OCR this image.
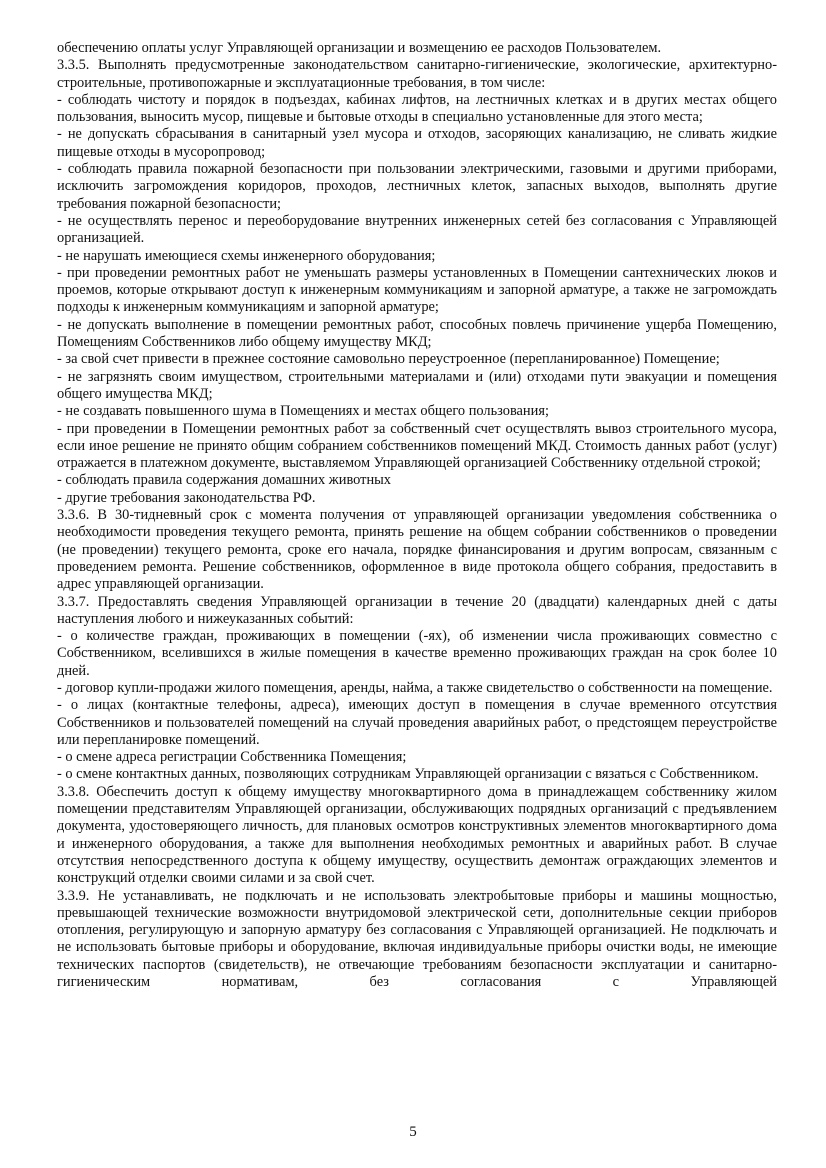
обеспечению оплаты услуг Управляющей организации и возмещению ее расходов Пользователем.

3.3.5. Выполнять предусмотренные законодательством санитарно-гигиенические, экологические, архитектурно-строительные, противопожарные и эксплуатационные требования, в том числе:

- соблюдать чистоту и порядок в подъездах, кабинах лифтов, на лестничных клетках и в других местах общего пользования, выносить мусор, пищевые и бытовые отходы в специально установленные для этого места;

- не допускать сбрасывания в санитарный узел мусора и отходов, засоряющих канализацию, не сливать жидкие пищевые отходы в мусоропровод;

- соблюдать правила пожарной безопасности при пользовании электрическими, газовыми и другими приборами, исключить загромождения коридоров, проходов, лестничных клеток, запасных выходов, выполнять другие требования пожарной безопасности;

- не осуществлять перенос и переоборудование внутренних инженерных сетей без согласования с Управляющей организацией.

- не нарушать имеющиеся схемы инженерного оборудования;

- при проведении ремонтных работ не уменьшать размеры установленных в Помещении сантехнических люков и проемов, которые открывают доступ к инженерным коммуникациям и запорной арматуре, а также не загромождать подходы к инженерным коммуникациям и запорной арматуре;

- не допускать выполнение в помещении ремонтных работ, способных повлечь причинение ущерба Помещению, Помещениям Собственников либо общему имуществу МКД;

- за свой счет привести в прежнее состояние самовольно переустроенное (перепланированное) Помещение;

- не загрязнять своим имуществом, строительными материалами и (или) отходами пути эвакуации и помещения общего имущества МКД;

- не создавать повышенного шума в Помещениях и местах общего пользования;

- при проведении в Помещении ремонтных работ за собственный счет осуществлять вывоз строительного мусора, если иное решение не принято общим собранием собственников помещений МКД. Стоимость данных работ (услуг) отражается в платежном документе, выставляемом Управляющей организацией Собственнику отдельной строкой;

- соблюдать правила содержания домашних животных

- другие требования законодательства РФ.

3.3.6. В 30-тидневный срок с момента получения от управляющей организации уведомления собственника о необходимости проведения текущего ремонта, принять решение на общем собрании собственников о проведении (не проведении) текущего ремонта, сроке его начала, порядке финансирования и другим вопросам, связанным с проведением ремонта. Решение собственников, оформленное в виде протокола общего собрания, предоставить в адрес управляющей организации.

3.3.7. Предоставлять сведения Управляющей организации в течение 20 (двадцати) календарных дней с даты наступления любого и нижеуказанных событий:

- о количестве граждан, проживающих в помещении (-ях), об изменении числа проживающих совместно с Собственником, вселившихся в жилые помещения в качестве временно проживающих граждан на срок более 10 дней.

- договор купли-продажи жилого помещения, аренды, найма, а также свидетельство о собственности на помещение.

- о лицах (контактные телефоны, адреса), имеющих доступ в помещения в случае временного отсутствия Собственников и пользователей помещений на случай проведения аварийных работ, о предстоящем переустройстве или перепланировке помещений.

- о смене адреса регистрации Собственника Помещения;

- о смене контактных данных, позволяющих сотрудникам Управляющей организации с вязаться с Собственником.

3.3.8. Обеспечить доступ к общему имуществу многоквартирного дома в принадлежащем собственнику жилом помещении представителям Управляющей организации, обслуживающих подрядных организаций с предъявлением документа, удостоверяющего личность, для плановых осмотров конструктивных элементов многоквартирного дома и инженерного оборудования, а также для выполнения необходимых ремонтных и аварийных работ. В случае отсутствия непосредственного доступа к общему имуществу, осуществить демонтаж ограждающих элементов и конструкций отделки своими силами и за свой счет.

3.3.9. Не устанавливать, не подключать и не использовать электробытовые приборы и машины мощностью, превышающей технические возможности внутридомовой электрической сети, дополнительные секции приборов отопления, регулирующую и запорную арматуру без согласования с Управляющей организацией. Не подключать и не использовать бытовые приборы и оборудование, включая индивидуальные приборы очистки воды, не имеющие технических паспортов (свидетельств), не отвечающие требованиям безопасности эксплуатации и санитарно-гигиеническим нормативам, без согласования с Управляющей

5
